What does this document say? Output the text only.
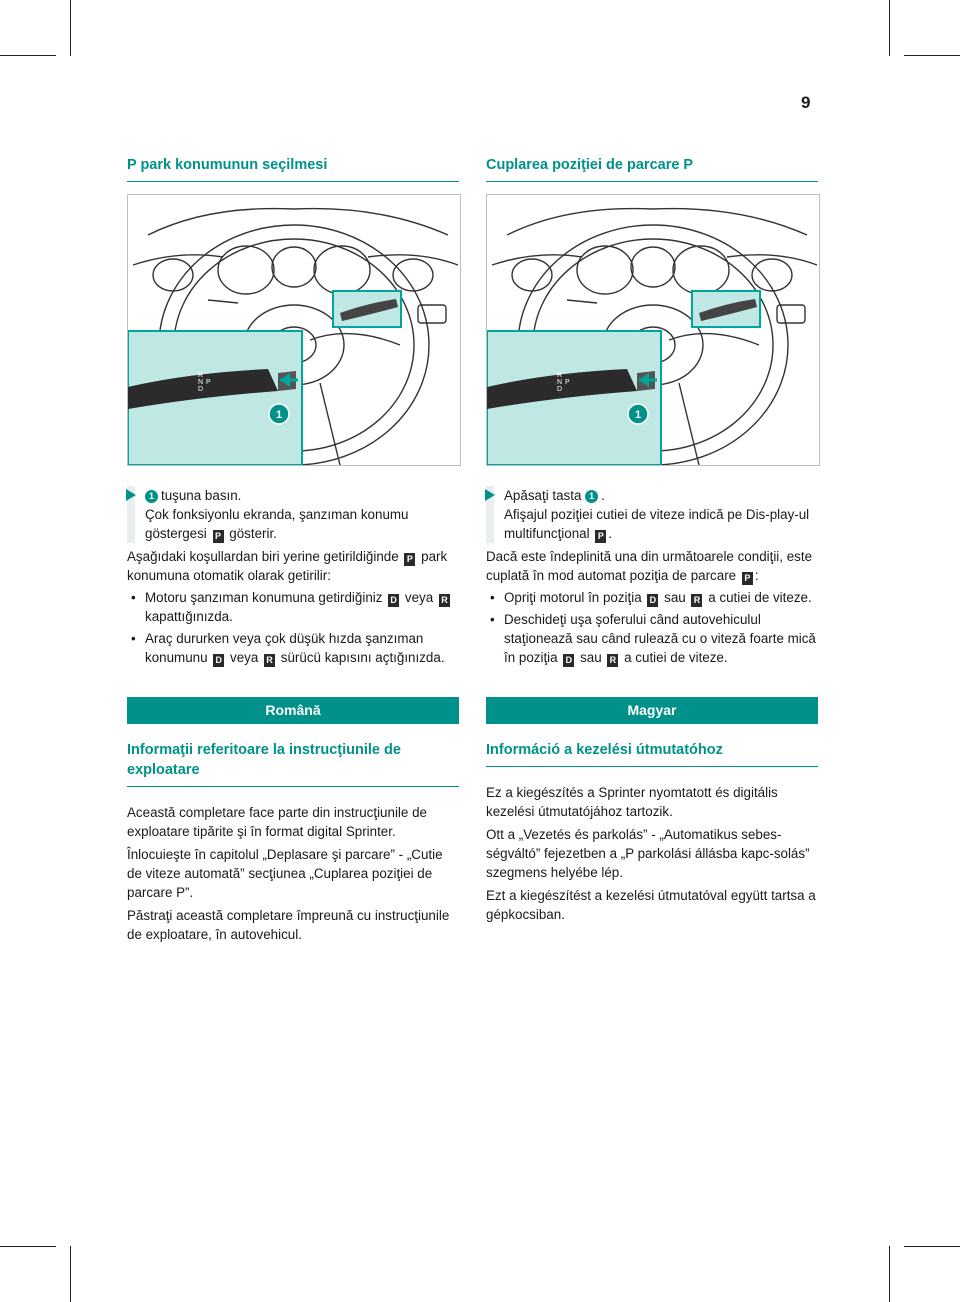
9
P park konumunun seçilmesi
R
N
D
P
1
1 tuşuna basın.
Çok fonksiyonlu ekranda, şanzıman konumu göstergesi P gösterir.

Aşağıdaki koşullardan biri yerine getirildiğinde P park konumuna otomatik olarak getirilir:

• Motoru şanzıman konumuna getirdiğiniz D veya R kapattığınızda.
• Araç dururken veya çok düşük hızda şanzıman konumunu D veya R sürücü kapısını açtığınızda.
Română
Informaţii referitoare la instrucţiunile de exploatare

Această completare face parte din instrucţiunile de exploatare tipărite şi în format digital Sprinter.

Înlocuieşte în capitolul „Deplasare şi parcare” - „Cutie de viteze automată” secţiunea „Cuplarea poziţiei de parcare P”.

Păstraţi această completare împreună cu instrucţiunile de exploatare, în autovehicul.

Cuplarea poziţiei de parcare P
R
N
D
P
1
Apăsaţi tasta 1 .
Afişajul poziţiei cutiei de viteze indică pe Dis-play-ul multifuncţional P .

Dacă este îndeplinită una din următoarele condiţii, este cuplată în mod automat poziţia de parcare P :

• Opriţi motorul în poziţia D sau R a cutiei de viteze.
• Deschideţi uşa şoferului când autovehiculul staţionează sau când rulează cu o viteză foarte mică în poziţia D sau R a cutiei de viteze.
Magyar
Információ a kezelési útmutatóhoz

Ez a kiegészítés a Sprinter nyomtatott és digitális kezelési útmutatójához tartozik.

Ott a „Vezetés és parkolás” - „Automatikus sebes-ségváltó” fejezetben a „P parkolási állásba kapc-solás” szegmens helyébe lép.

Ezt a kiegészítést a kezelési útmutatóval együtt tartsa a gépkocsiban.
